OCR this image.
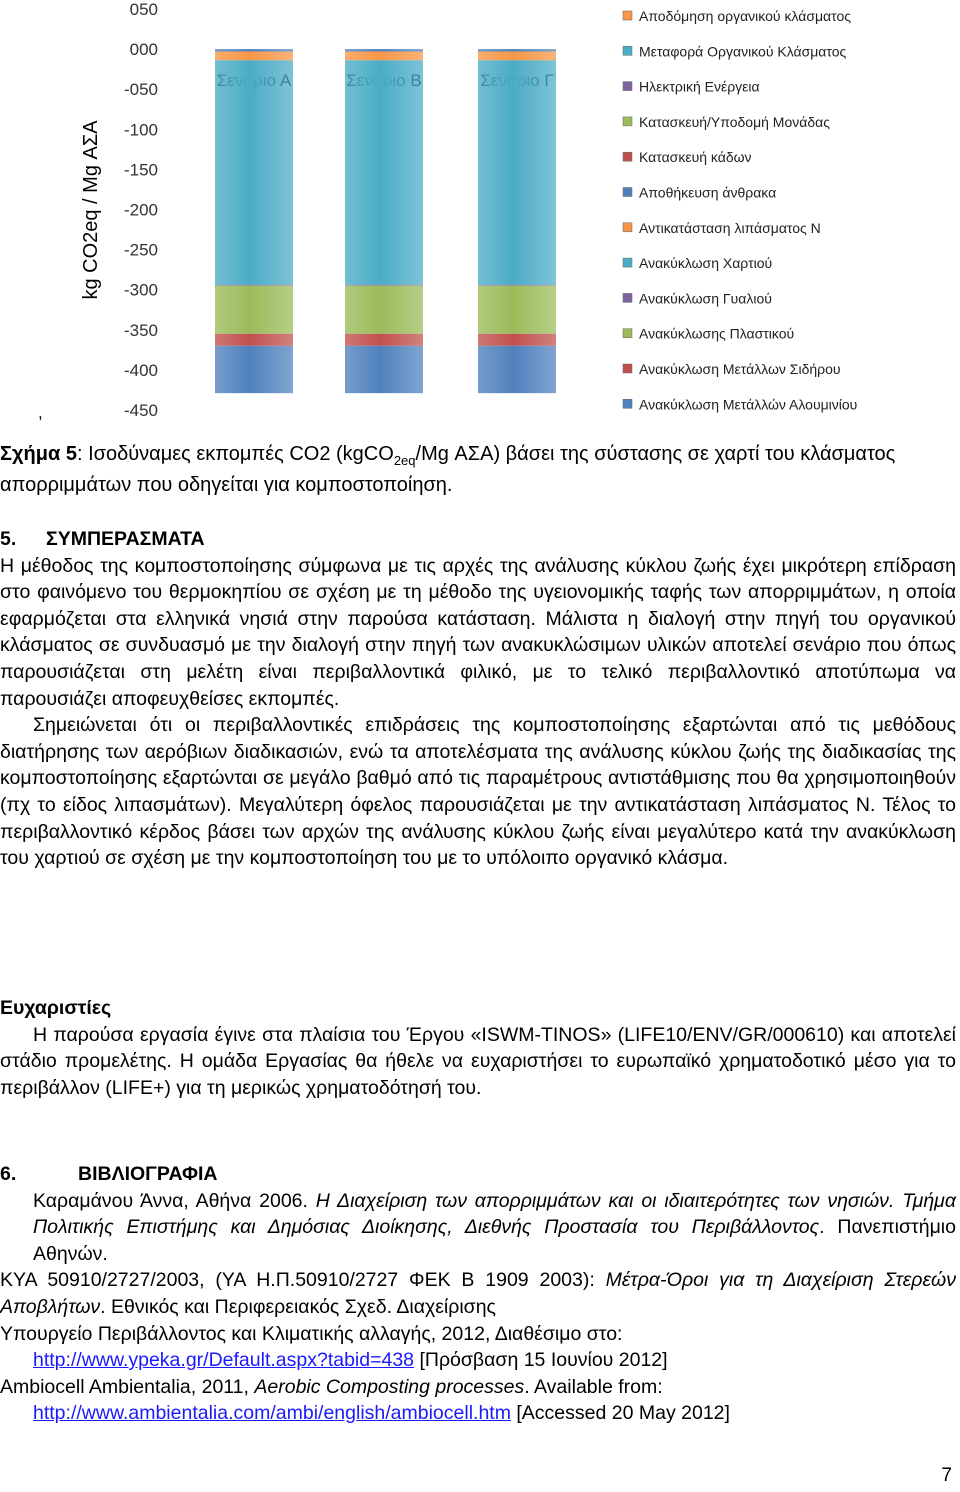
050
000
-050
-100
-150
-200
-250
-300
-350
-400
-450
kg CO2eq / Mg ΑΣΑ
,
Αποδόμηση οργανικού κλάσματος
Μεταφορά Οργανικού Κλάσματος
Ηλεκτρική Ενέργεια
Κατασκευή/Υποδομή Μονάδας
Κατασκευή κάδων
Αποθήκευση άνθρακα
Αντικατάσταση λιπάσματος N
Ανακύκλωση Χαρτιού
Ανακύκλωση Γυαλιού
Ανακύκλωσης Πλαστικού
Ανακύκλωση Μετάλλων Σιδήρου
Ανακύκλωση Μετάλλών Αλουμινίου
Σχήμα 5: Ισοδύναμες εκπομπές CO2 (kgCO$_{2eq}$/Mg ΑΣΑ) βάσει της σύστασης σε χαρτί του κλάσματος απορριμμάτων που οδηγείται για κομποστοποίηση.

5. ΣΥΜΠΕΡΑΣΜΑΤΑ

Η μέθοδος της κομποστοποίησης σύμφωνα με τις αρχές της ανάλυσης κύκλου ζωής έχει μικρότερη επίδραση στο φαινόμενο του θερμοκηπίου σε σχέση με τη μέθοδο της υγειονομικής ταφής των απορριμμάτων, η οποία εφαρμόζεται στα ελληνικά νησιά στην παρούσα κατάσταση. Μάλιστα η διαλογή στην πηγή του οργανικού κλάσματος σε συνδυασμό με την διαλογή στην πηγή των ανακυκλώσιμων υλικών αποτελεί σενάριο που όπως παρουσιάζεται στη μελέτη είναι περιβαλλοντικά φιλικό, με το τελικό περιβαλλοντικό αποτύπωμα να παρουσιάζει αποφευχθείσες εκπομπές.

Σημειώνεται ότι οι περιβαλλοντικές επιδράσεις της κομποστοποίησης εξαρτώνται από τις μεθόδους διατήρησης των αερόβιων διαδικασιών, ενώ τα αποτελέσματα της ανάλυσης κύκλου ζωής της διαδικασίας της κομποστοποίησης εξαρτώνται σε μεγάλο βαθμό από τις παραμέτρους αντιστάθμισης που θα χρησιμοποιηθούν (πχ το είδος λιπασμάτων). Μεγαλύτερη όφελος παρουσιάζεται με την αντικατάσταση λιπάσματος Ν. Τέλος το περιβαλλοντικό κέρδος βάσει των αρχών της ανάλυσης κύκλου ζωής είναι μεγαλύτερο κατά την ανακύκλωση του χαρτιού σε σχέση με την κομποστοποίηση του με το υπόλοιπο οργανικό κλάσμα.

Ευχαριστίες

Η παρούσα εργασία έγινε στα πλαίσια του Έργου «ISWM-TINOS» (LIFE10/ENV/GR/000610) και αποτελεί στάδιο προμελέτης. Η ομάδα Εργασίας θα ήθελε να ευχαριστήσει το ευρωπαϊκό χρηματοδοτικό μέσο για το περιβάλλον (LIFE+) για τη μερικώς χρηματοδότησή του.

6.	ΒΙΒΛΙΟΓΡΑΦΙΑ

Καραμάνου Άννα, Αθήνα 2006. Η Διαχείριση των απορριμμάτων και οι ιδιαιτερότητες των νησιών. Τμήμα Πολιτικής Επιστήμης και Δημόσιας Διοίκησης, Διεθνής Προστασία του Περιβάλλοντος. Πανεπιστήμιο Αθηνών.

ΚΥΑ 50910/2727/2003, (ΥΑ Η.Π.50910/2727 ΦΕΚ Β 1909 2003): Μέτρα-Όροι για τη Διαχείριση Στερεών Αποβλήτων. Εθνικός και Περιφερειακός Σχεδ. Διαχείρισης

Υπουργείο Περιβάλλοντος και Κλιματικής αλλαγής, 2012, Διαθέσιμο στο:

http://www.ypeka.gr/Default.aspx?tabid=438 [Πρόσβαση 15 Ιουνίου 2012]

Ambiocell Ambientalia, 2011, Aerobic Composting processes. Available from:

http://www.ambientalia.com/ambi/english/ambiocell.htm [Accessed 20 May 2012]

7
